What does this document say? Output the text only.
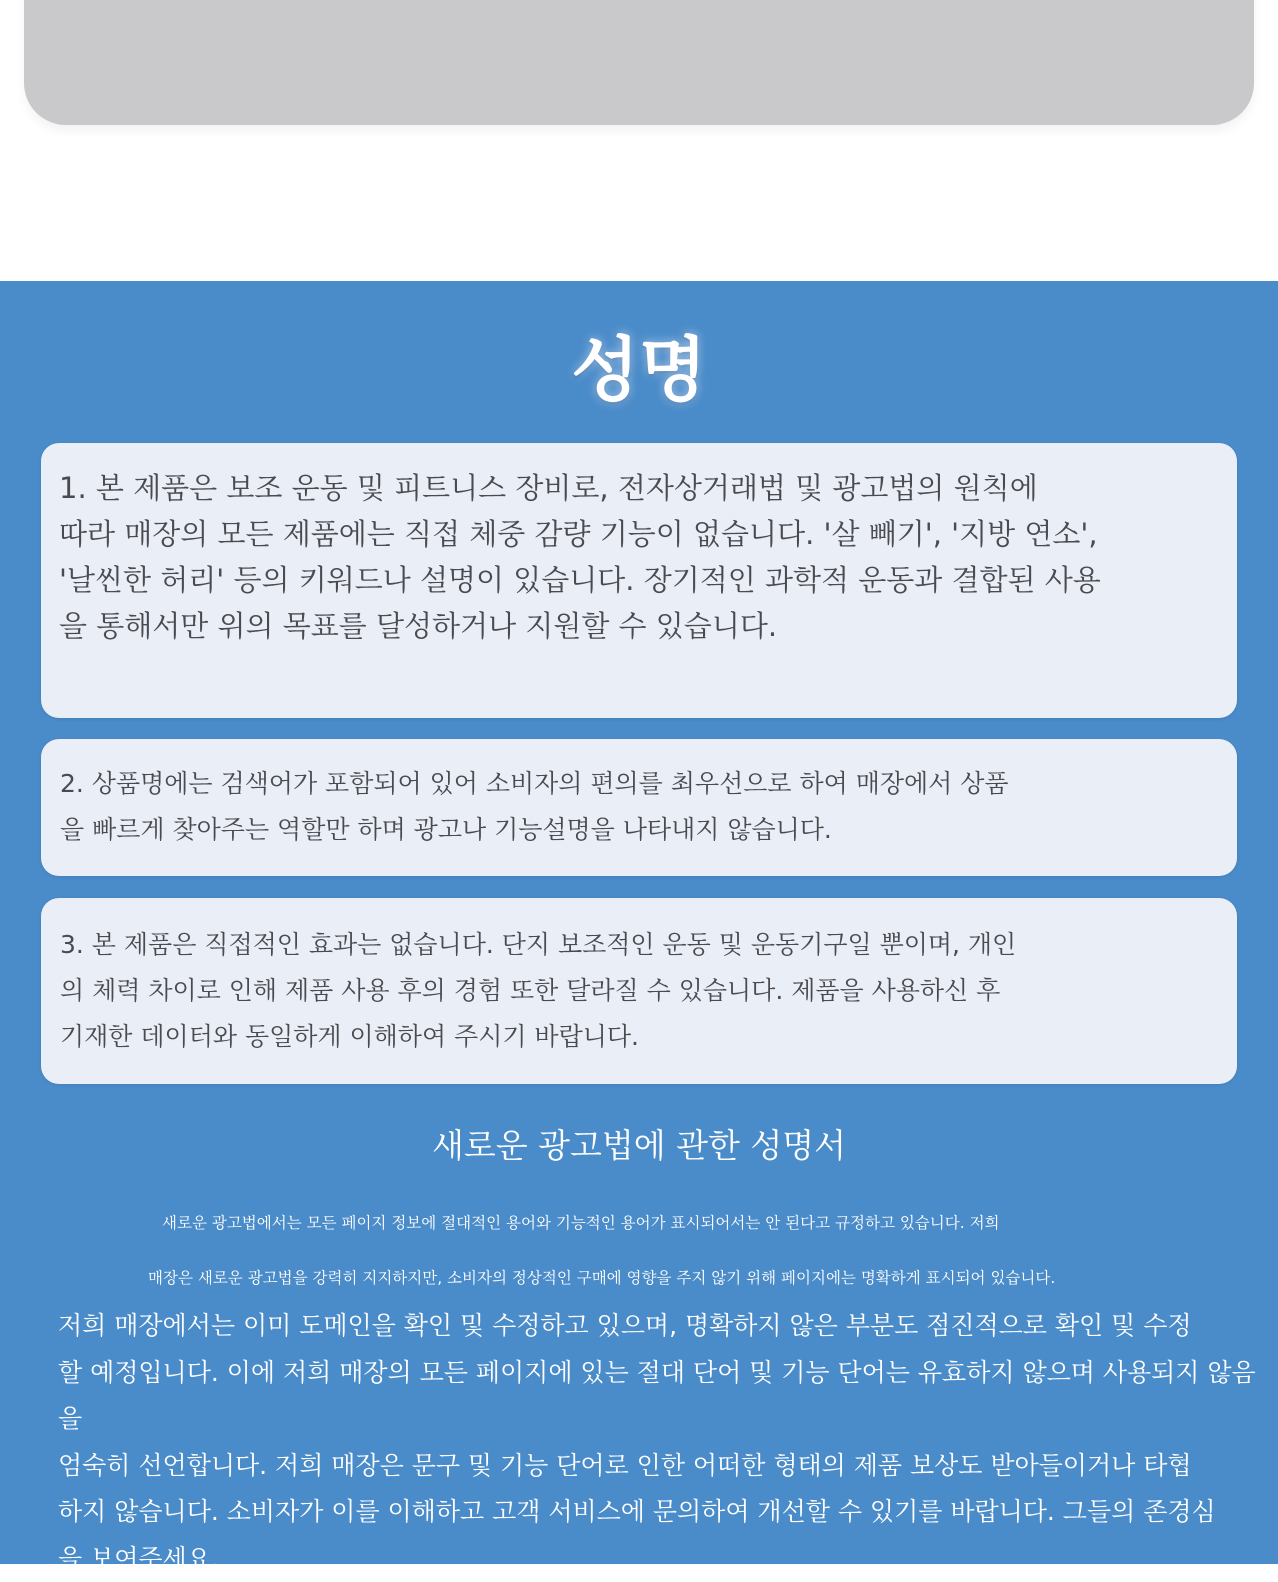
성명

1. 본 제품은 보조 운동 및 피트니스 장비로, 전자상거래법 및 광고법의 원칙에
따라 매장의 모든 제품에는 직접 체중 감량 기능이 없습니다. '살 빼기', '지방 연소',
'날씬한 허리' 등의 키워드나 설명이 있습니다. 장기적인 과학적 운동과 결합된 사용
을 통해서만 위의 목표를 달성하거나 지원할 수 있습니다.

2. 상품명에는 검색어가 포함되어 있어 소비자의 편의를 최우선으로 하여 매장에서 상품
을 빠르게 찾아주는 역할만 하며 광고나 기능설명을 나타내지 않습니다.

3. 본 제품은 직접적인 효과는 없습니다. 단지 보조적인 운동 및 운동기구일 뿐이며, 개인
의 체력 차이로 인해 제품 사용 후의 경험 또한 달라질 수 있습니다. 제품을 사용하신 후
기재한 데이터와 동일하게 이해하여 주시기 바랍니다.

새로운 광고법에 관한 성명서
새로운 광고법에서는 모든 페이지 정보에 절대적인 용어와 기능적인 용어가 표시되어서는 안 된다고 규정하고 있습니다. 저희
매장은 새로운 광고법을 강력히 지지하지만, 소비자의 정상적인 구매에 영향을 주지 않기 위해 페이지에는 명확하게 표시되어 있습니다.

저희 매장에서는 이미 도메인을 확인 및 수정하고 있으며, 명확하지 않은 부분도 점진적으로 확인 및 수정
할 예정입니다. 이에 저희 매장의 모든 페이지에 있는 절대 단어 및 기능 단어는 유효하지 않으며 사용되지 않음을
엄숙히 선언합니다. 저희 매장은 문구 및 기능 단어로 인한 어떠한 형태의 제품 보상도 받아들이거나 타협
하지 않습니다. 소비자가 이를 이해하고 고객 서비스에 문의하여 개선할 수 있기를 바랍니다. 그들의 존경심
을 보여주세요.
